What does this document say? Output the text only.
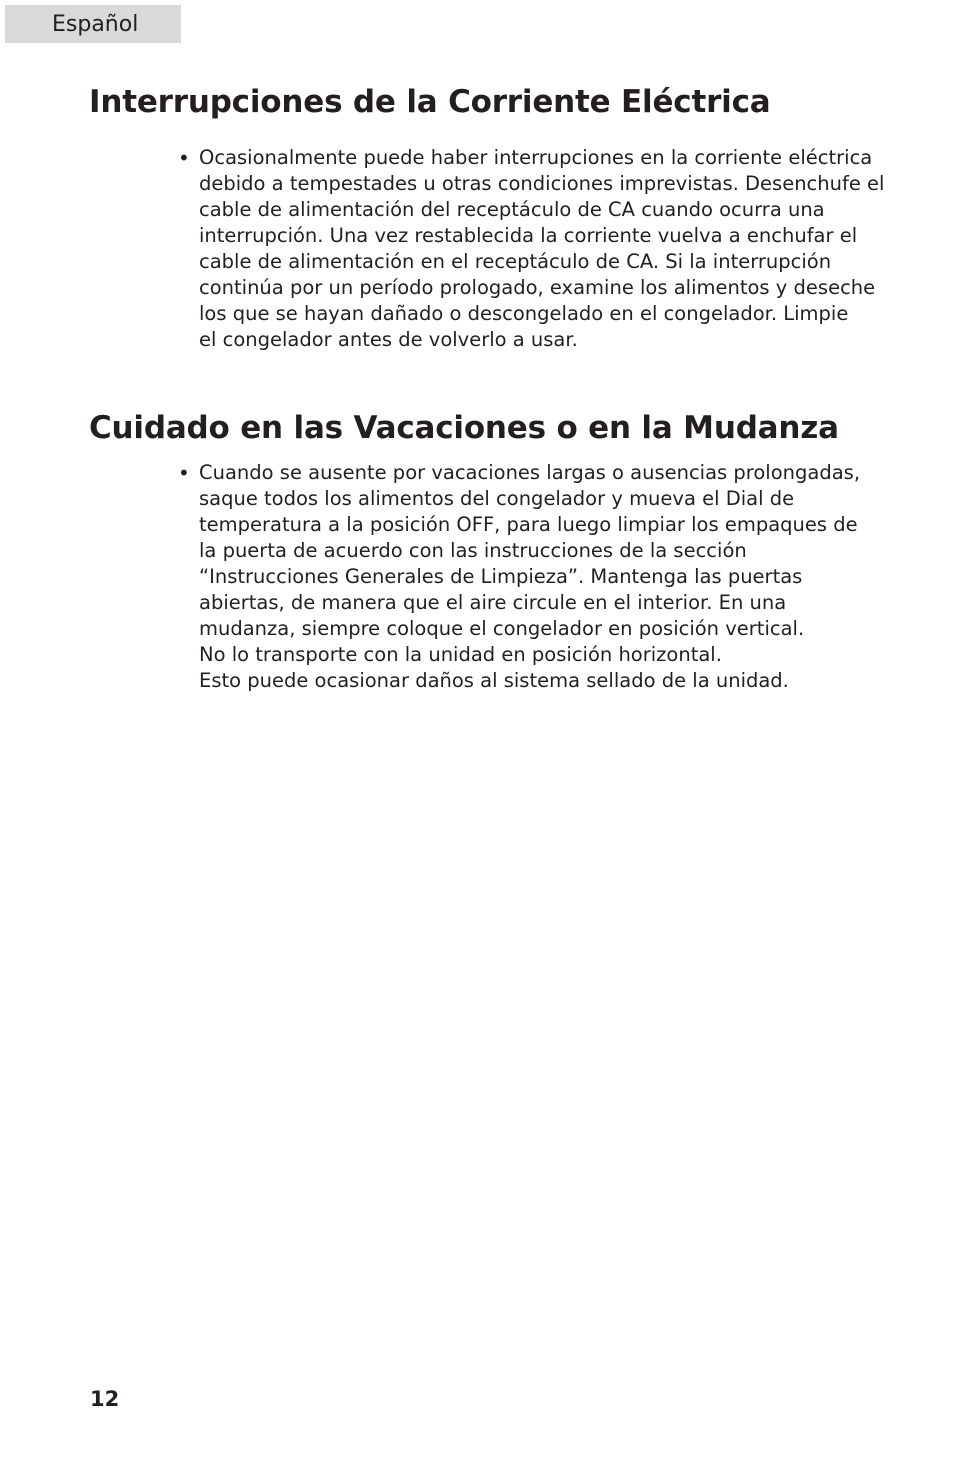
Español
Interrupciones de la Corriente Eléctrica
• Ocasionalmente puede haber interrupciones en la corriente eléctrica
debido a tempestades u otras condiciones imprevistas. Desenchufe el
cable de alimentación del receptáculo de CA cuando ocurra una
interrupción. Una vez restablecida la corriente vuelva a enchufar el
cable de alimentación en el receptáculo de CA. Si la interrupción
continúa por un período prologado, examine los alimentos y deseche
los que se hayan dañado o descongelado en el congelador. Limpie
el congelador antes de volverlo a usar.
Cuidado en las Vacaciones o en la Mudanza
• Cuando se ausente por vacaciones largas o ausencias prolongadas,
saque todos los alimentos del congelador y mueva el Dial de
temperatura a la posición OFF, para luego limpiar los empaques de
la puerta de acuerdo con las instrucciones de la sección
“Instrucciones Generales de Limpieza”. Mantenga las puertas
abiertas, de manera que el aire circule en el interior. En una
mudanza, siempre coloque el congelador en posición vertical.
No lo transporte con la unidad en posición horizontal.
Esto puede ocasionar daños al sistema sellado de la unidad.
12
